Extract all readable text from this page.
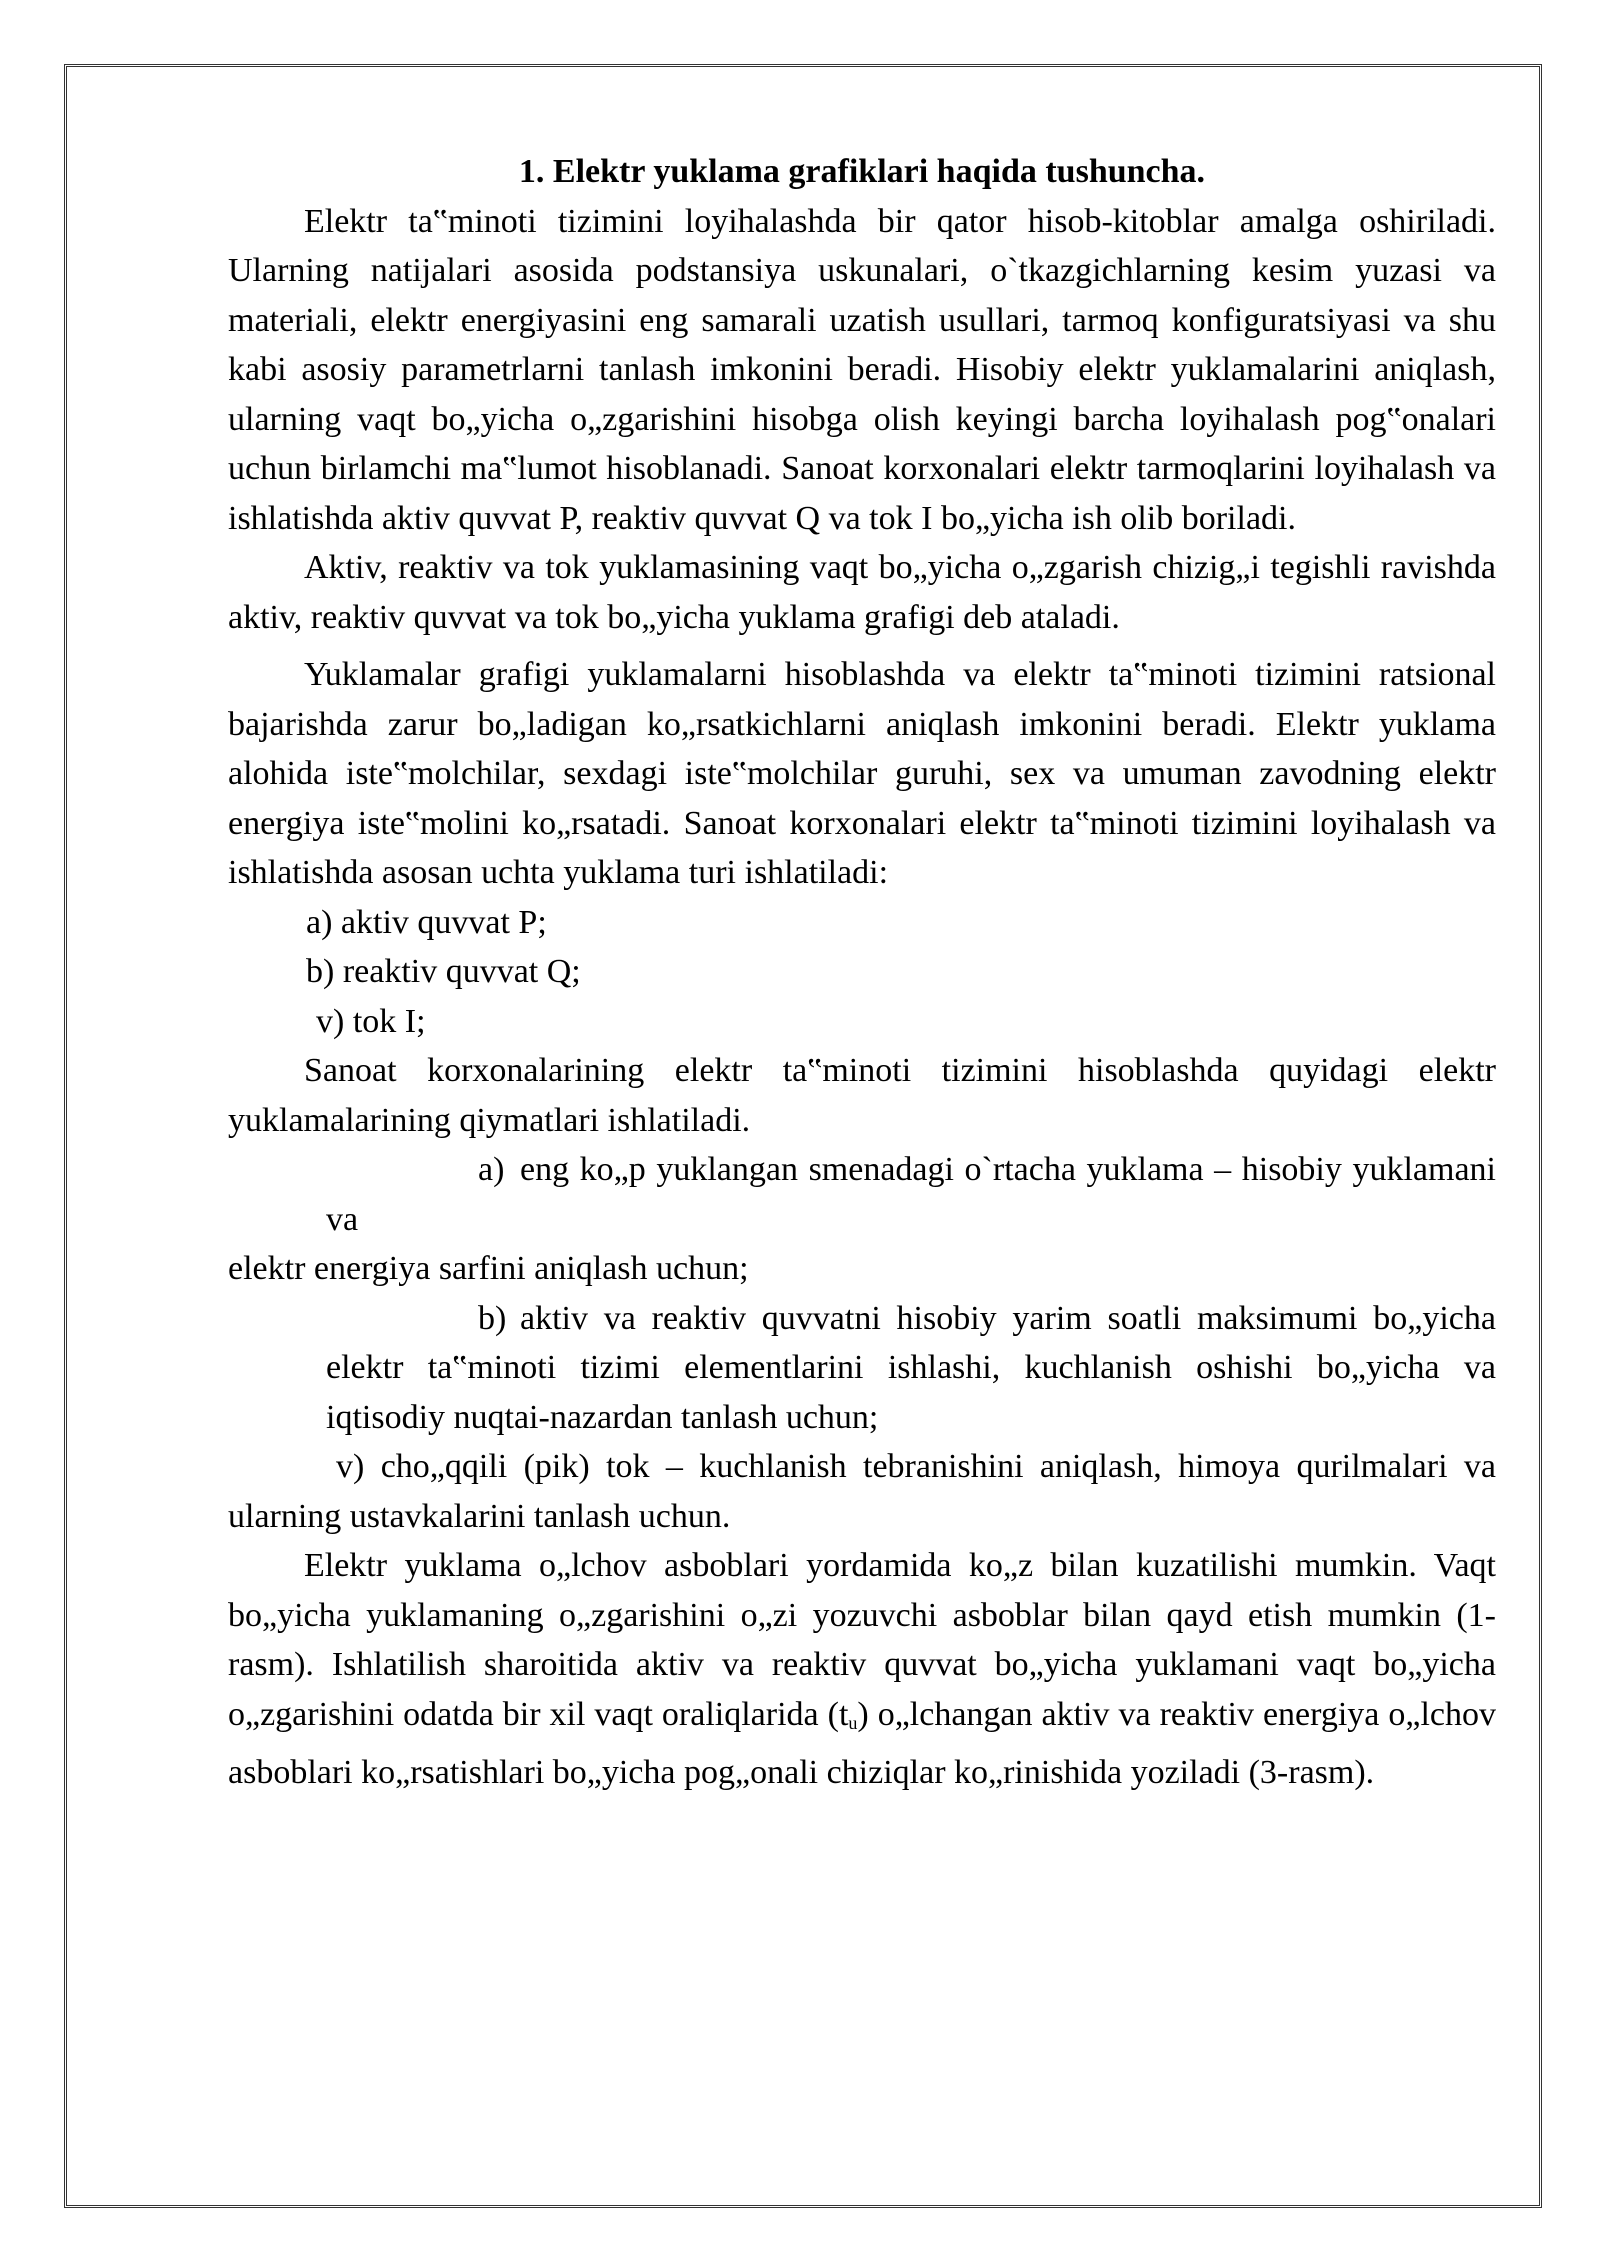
1. Elektr yuklama grafiklari haqida tushuncha.

Elektr ta‟minoti tizimini loyihalashda bir qator hisob-kitoblar amalga oshiriladi. Ularning natijalari asosida podstansiya uskunalari, o`tkazgichlarning kesim yuzasi va materiali, elektr energiyasini eng samarali uzatish usullari, tarmoq konfiguratsiyasi va shu kabi asosiy parametrlarni tanlash imkonini beradi. Hisobiy elektr yuklamalarini aniqlash, ularning vaqt bo„yicha o„zgarishini hisobga olish keyingi barcha loyihalash pog‟onalari uchun birlamchi ma‟lumot hisoblanadi. Sanoat korxonalari elektr tarmoqlarini loyihalash va ishlatishda aktiv quvvat P, reaktiv quvvat Q va tok I bo„yicha ish olib boriladi.

Aktiv, reaktiv va tok yuklamasining vaqt bo„yicha o„zgarish chizig„i tegishli ravishda aktiv, reaktiv quvvat va tok bo„yicha yuklama grafigi deb ataladi.

Yuklamalar grafigi yuklamalarni hisoblashda va elektr ta‟minoti tizimini ratsional bajarishda zarur bo„ladigan ko„rsatkichlarni aniqlash imkonini beradi. Elektr yuklama alohida iste‟molchilar, sexdagi iste‟molchilar guruhi, sex va umuman zavodning elektr energiya iste‟molini ko„rsatadi. Sanoat korxonalari elektr ta‟minoti tizimini loyihalash va ishlatishda asosan uchta yuklama turi ishlatiladi:

a) aktiv quvvat P;

b) reaktiv quvvat Q;

v) tok I;

Sanoat korxonalarining elektr ta‟minoti tizimini hisoblashda quyidagi elektr yuklamalarining qiymatlari ishlatiladi.

a) eng ko„p yuklangan smenadagi o`rtacha yuklama – hisobiy yuklamani va

elektr energiya sarfini aniqlash uchun;

b) aktiv va reaktiv quvvatni hisobiy yarim soatli maksimumi bo„yicha elektr ta‟minoti tizimi elementlarini ishlashi, kuchlanish oshishi bo„yicha va iqtisodiy nuqtai-nazardan tanlash uchun;

v) cho„qqili (pik) tok – kuchlanish tebranishini aniqlash, himoya qurilmalari va ularning ustavkalarini tanlash uchun.

Elektr yuklama o„lchov asboblari yordamida ko„z bilan kuzatilishi mumkin. Vaqt bo„yicha yuklamaning o„zgarishini o„zi yozuvchi asboblar bilan qayd etish mumkin (1-rasm). Ishlatilish sharoitida aktiv va reaktiv quvvat bo„yicha yuklamani vaqt bo„yicha o„zgarishini odatda bir xil vaqt oraliqlarida $(t_u)$ o„lchangan aktiv va reaktiv energiya o„lchov asboblari ko„rsatishlari bo„yicha pog„onali chiziqlar ko„rinishida yoziladi (3-rasm).
